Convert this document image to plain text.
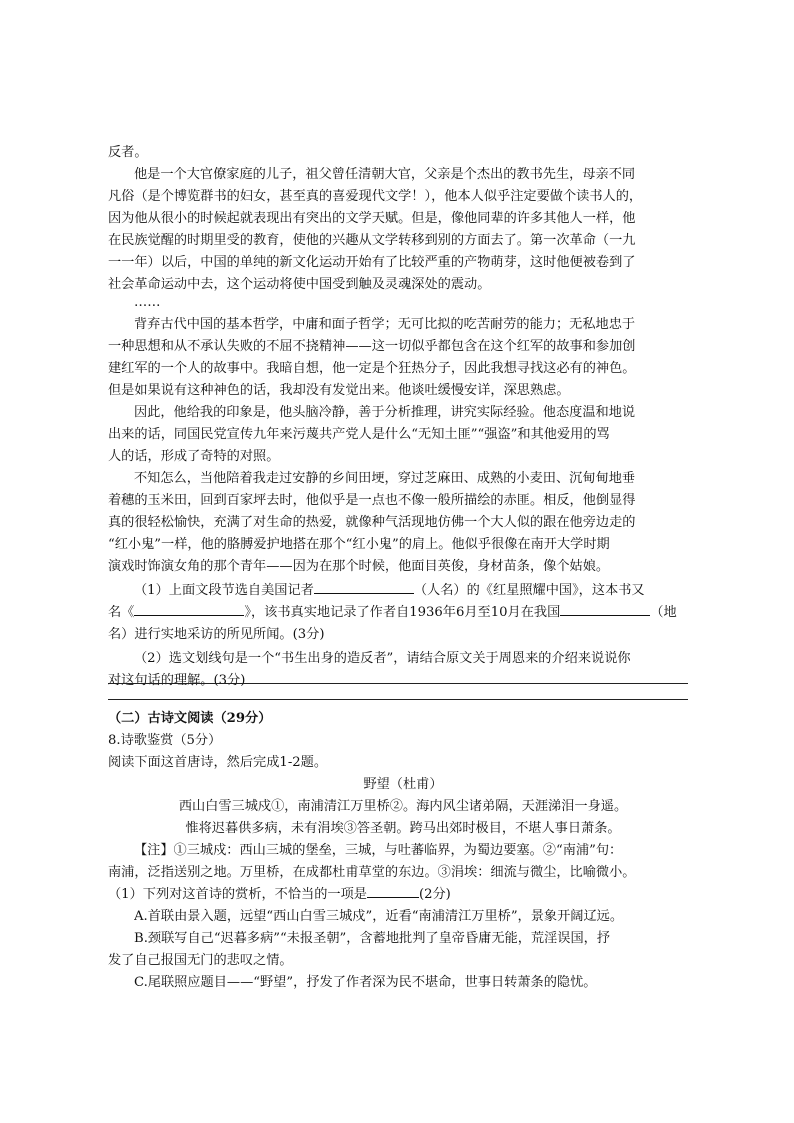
反者。
他是一个大官僚家庭的儿子，祖父曾任清朝大官，父亲是个杰出的教书先生，母亲不同
凡俗（是个博览群书的妇女，甚至真的喜爱现代文学！），他本人似乎注定要做个读书人的，
因为他从很小的时候起就表现出有突出的文学天赋。但是，像他同辈的许多其他人一样，他
在民族觉醒的时期里受的教育，使他的兴趣从文学转移到别的方面去了。第一次革命（一九
一一年）以后，中国的单纯的新文化运动开始有了比较严重的产物萌芽，这时他便被卷到了
社会革命运动中去，这个运动将使中国受到触及灵魂深处的震动。
……
背弃古代中国的基本哲学，中庸和面子哲学；无可比拟的吃苦耐劳的能力；无私地忠于
一种思想和从不承认失败的不屈不挠精神——这一切似乎都包含在这个红军的故事和参加创
建红军的一个人的故事中。我暗自想，他一定是个狂热分子，因此我想寻找这必有的神色。
但是如果说有这种神色的话，我却没有发觉出来。他谈吐缓慢安详，深思熟虑。
因此，他给我的印象是，他头脑冷静，善于分析推理，讲究实际经验。他态度温和地说
出来的话，同国民党宣传九年来污蔑共产党人是什么“无知土匪”“强盗”和其他爱用的骂
人的话，形成了奇特的对照。
不知怎么，当他陪着我走过安静的乡间田埂，穿过芝麻田、成熟的小麦田、沉甸甸地垂
着穗的玉米田，回到百家坪去时，他似乎是一点也不像一般所描绘的赤匪。相反，他倒显得
真的很轻松愉快，充满了对生命的热爱，就像种气活现地仿佛一个大人似的跟在他旁边走的
“红小鬼”一样，他的胳膊爱护地搭在那个“红小鬼”的肩上。他似乎很像在南开大学时期
演戏时饰演女角的那个青年——因为在那个时候，他面目英俊，身材苗条，像个姑娘。
（1）上面文段节选自美国记者	（人名）的《红星照耀中国》，这本书又
名《	》，该书真实地记录了作者自1936年6月至10月在我国	（地
名）进行实地采访的所见所闻。(3分)
（2）选文划线句是一个“书生出身的造反者”，请结合原文关于周恩来的介绍来说说你
对这句话的理解。(3分)
（二）古诗文阅读（29分）
8.诗歌鉴赏（5分）
阅读下面这首唐诗，然后完成1-2题。
野望（杜甫）
西山白雪三城戍①，南浦清江万里桥②。海内风尘诸弟隔，天涯涕泪一身遥。
惟将迟暮供多病，未有涓埃③答圣朝。跨马出郊时极目，不堪人事日萧条。
【注】①三城戍：西山三城的堡垒，三城，与吐蕃临界，为蜀边要塞。②“南浦”句：
南浦，泛指送别之地。万里桥，在成都杜甫草堂的东边。③涓埃：细流与微尘，比喻微小。
（1）下列对这首诗的赏析，不恰当的一项是	(2分)
A.首联由景入题，远望“西山白雪三城戍”，近看“南浦清江万里桥”，景象开阔辽远。
B.颈联写自己“迟暮多病”“未报圣朝”，含蓄地批判了皇帝昏庸无能，荒淫误国，抒
发了自己报国无门的悲叹之情。
C.尾联照应题目——“野望”，抒发了作者深为民不堪命，世事日转萧条的隐忧。
